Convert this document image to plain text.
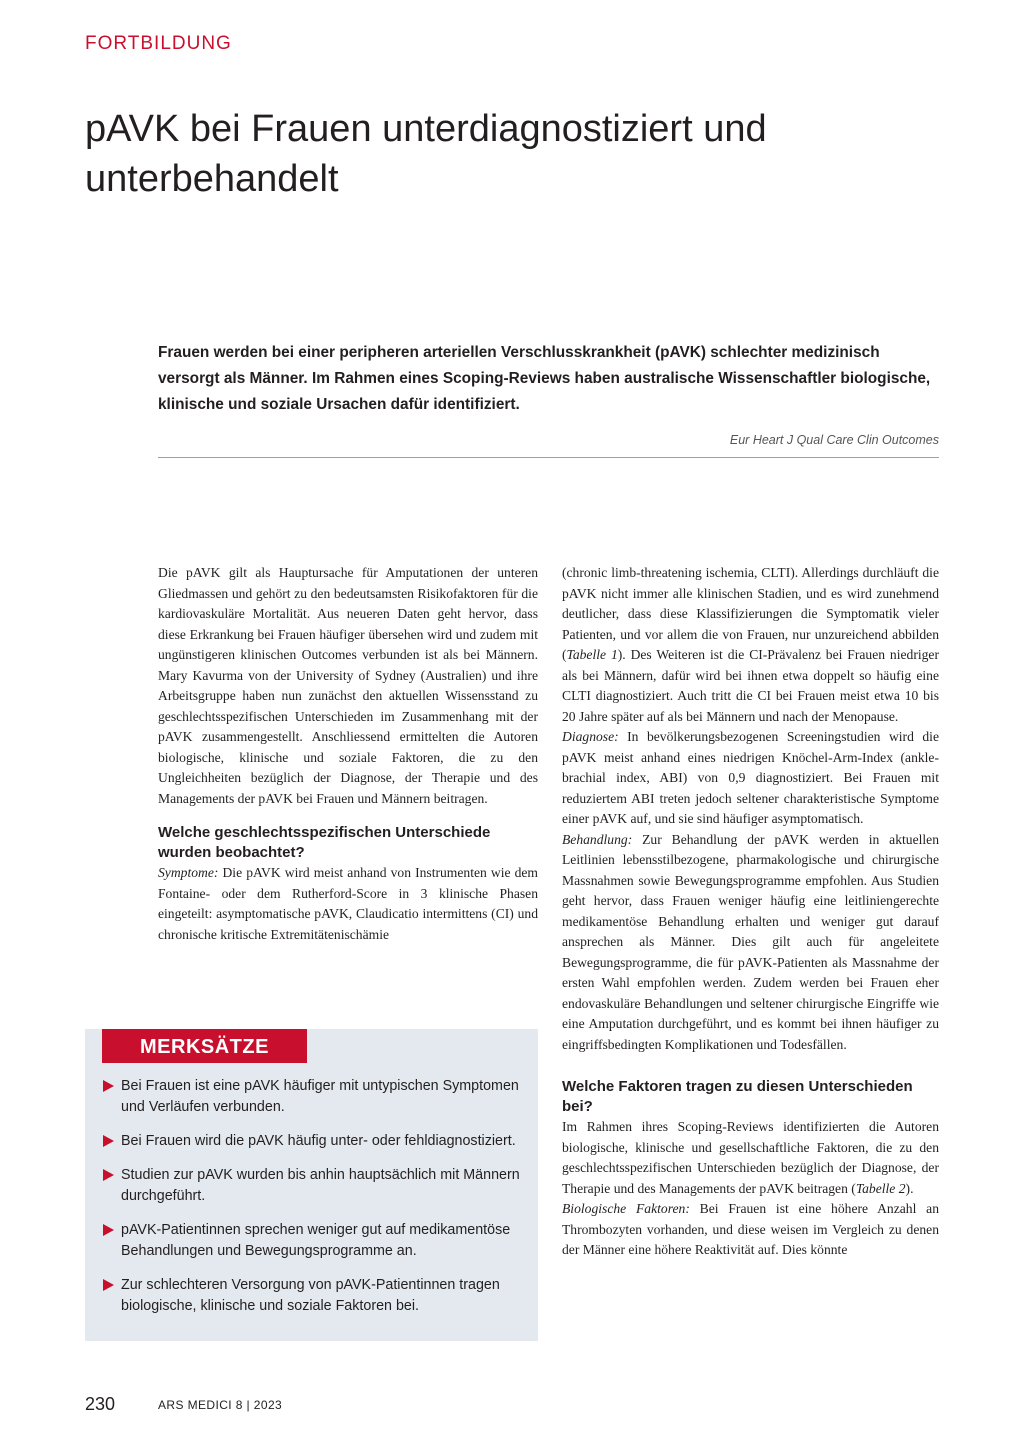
FORTBILDUNG
pAVK bei Frauen unterdiagnostiziert und unterbehandelt

Frauen werden bei einer peripheren arteriellen Verschlusskrankheit (pAVK) schlechter medizinisch versorgt als Männer. Im Rahmen eines Scoping-Reviews haben australische Wissenschaftler biologische, klinische und soziale Ursachen dafür identifiziert.

Eur Heart J Qual Care Clin Outcomes

Die pAVK gilt als Hauptursache für Amputationen der unteren Gliedmassen und gehört zu den bedeutsamsten Risikofaktoren für die kardiovaskuläre Mortalität. Aus neueren Daten geht hervor, dass diese Erkrankung bei Frauen häufiger übersehen wird und zudem mit ungünstigeren klinischen Outcomes verbunden ist als bei Männern. Mary Kavurma von der University of Sydney (Australien) und ihre Arbeitsgruppe haben nun zunächst den aktuellen Wissensstand zu geschlechtsspezifischen Unterschieden im Zusammenhang mit der pAVK zusammengestellt. Anschliessend ermittelten die Autoren biologische, klinische und soziale Faktoren, die zu den Ungleichheiten bezüglich der Diagnose, der Therapie und des Managements der pAVK bei Frauen und Männern beitragen.

Welche geschlechtsspezifischen Unterschiede wurden beobachtet?

Symptome: Die pAVK wird meist anhand von Instrumenten wie dem Fontaine- oder dem Rutherford-Score in 3 klinische Phasen eingeteilt: asymptomatische pAVK, Claudicatio intermittens (CI) und chronische kritische Extremitätenischämie

(chronic limb-threatening ischemia, CLTI). Allerdings durchläuft die pAVK nicht immer alle klinischen Stadien, und es wird zunehmend deutlicher, dass diese Klassifizierungen die Symptomatik vieler Patienten, und vor allem die von Frauen, nur unzureichend abbilden (Tabelle 1). Des Weiteren ist die CI-Prävalenz bei Frauen niedriger als bei Männern, dafür wird bei ihnen etwa doppelt so häufig eine CLTI diagnostiziert. Auch tritt die CI bei Frauen meist etwa 10 bis 20 Jahre später auf als bei Männern und nach der Menopause.

Diagnose: In bevölkerungsbezogenen Screeningstudien wird die pAVK meist anhand eines niedrigen Knöchel-Arm-Index (ankle-brachial index, ABI) von 0,9 diagnostiziert. Bei Frauen mit reduziertem ABI treten jedoch seltener charakteristische Symptome einer pAVK auf, und sie sind häufiger asymptomatisch.

Behandlung: Zur Behandlung der pAVK werden in aktuellen Leitlinien lebensstilbezogene, pharmakologische und chirurgische Massnahmen sowie Bewegungsprogramme empfohlen. Aus Studien geht hervor, dass Frauen weniger häufig eine leitliniengerechte medikamentöse Behandlung erhalten und weniger gut darauf ansprechen als Männer. Dies gilt auch für angeleitete Bewegungsprogramme, die für pAVK-Patienten als Massnahme der ersten Wahl empfohlen werden. Zudem werden bei Frauen eher endovaskuläre Behandlungen und seltener chirurgische Eingriffe wie eine Amputation durchgeführt, und es kommt bei ihnen häufiger zu eingriffsbedingten Komplikationen und Todesfällen.

Welche Faktoren tragen zu diesen Unterschieden bei?

Im Rahmen ihres Scoping-Reviews identifizierten die Autoren biologische, klinische und gesellschaftliche Faktoren, die zu den geschlechtsspezifischen Unterschieden bezüglich der Diagnose, der Therapie und des Managements der pAVK beitragen (Tabelle 2).

Biologische Faktoren: Bei Frauen ist eine höhere Anzahl an Thrombozyten vorhanden, und diese weisen im Vergleich zu denen der Männer eine höhere Reaktivität auf. Dies könnte

MERKSÄTZE
Bei Frauen ist eine pAVK häufiger mit untypischen Symptomen und Verläufen verbunden.
Bei Frauen wird die pAVK häufig unter- oder fehldiagnostiziert.
Studien zur pAVK wurden bis anhin hauptsächlich mit Männern durchgeführt.
pAVK-Patientinnen sprechen weniger gut auf medikamentöse Behandlungen und Bewegungsprogramme an.
Zur schlechteren Versorgung von pAVK-Patientinnen tragen biologische, klinische und soziale Faktoren bei.
230	ARS MEDICI 8 | 2023
